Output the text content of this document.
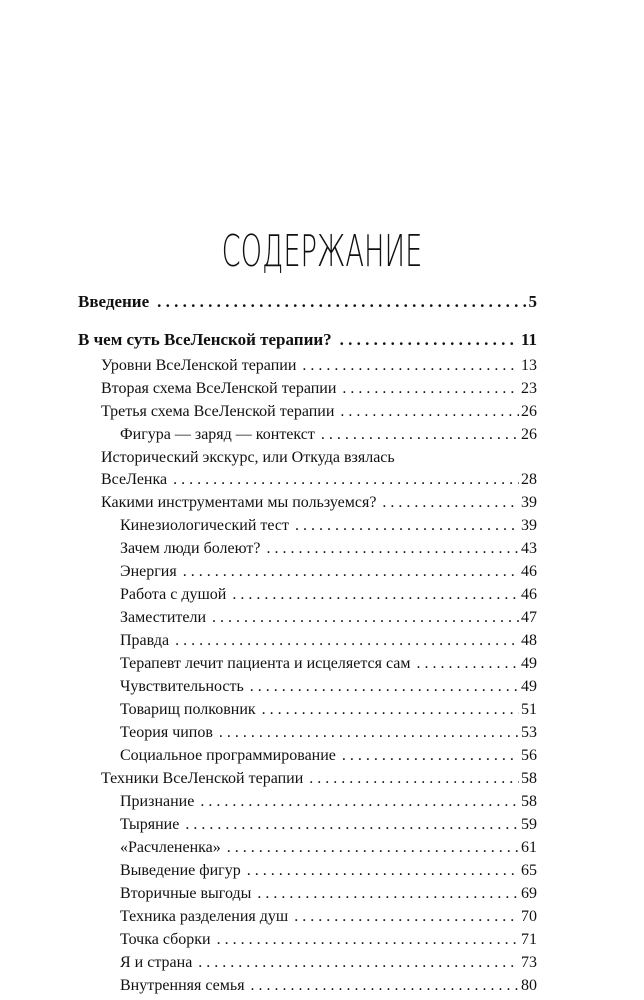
СОДЕРЖАНИЕ
Введение . . .	5
В чем суть ВсеЛенской терапии? . . .	11
Уровни ВсеЛенской терапии . . .	13
Вторая схема ВсеЛенской терапии . . .	23
Третья схема ВсеЛенской терапии . . .	26
Фигура — заряд — контекст . . .	26
Исторический экскурс, или Откуда взялась
ВсеЛенка . . .	28
Какими инструментами мы пользуемся? . . .	39
Кинезиологический тест . . .	39
Зачем люди болеют? . . .	43
Энергия . . .	46
Работа с душой . . .	46
Заместители . . .	47
Правда . . .	48
Терапевт лечит пациента и исцеляется сам . . .	49
Чувствительность . . .	49
Товарищ полковник . . .	51
Теория чипов . . .	53
Социальное программирование . . .	56
Техники ВсеЛенской терапии . . .	58
Признание . . .	58
Тыряние . . .	59
«Расчлененка» . . .	61
Выведение фигур . . .	65
Вторичные выгоды . . .	69
Техника разделения душ . . .	70
Точка сборки . . .	71
Я и страна . . .	73
Внутренняя семья . . .	80
